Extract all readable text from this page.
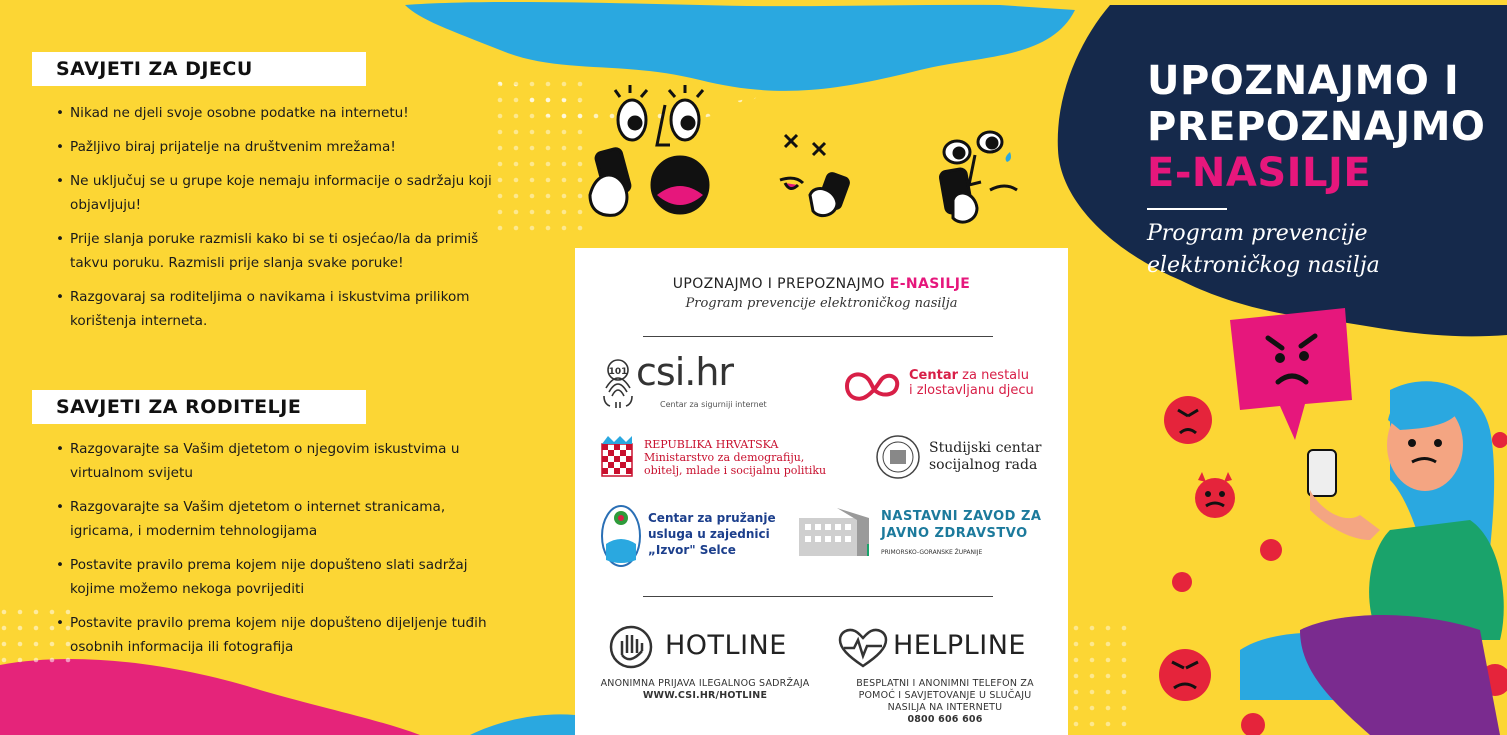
SAVJETI ZA DJECU
• Nikad ne djeli svoje osobne podatke na internetu!
• Pažljivo biraj prijatelje na društvenim mrežama!
• Ne uključuj se u grupe koje nemaju informacije o sadržaju koji objavljuju!
• Prije slanja poruke razmisli kako bi se ti osjećao/la da primiš takvu poruku. Razmisli prije slanja svake poruke!
• Razgovaraj sa roditeljima o navikama i iskustvima prilikom korištenja interneta.
SAVJETI ZA RODITELJE
• Razgovarajte sa Vašim djetetom o njegovim iskustvima u virtualnom svijetu
• Razgovarajte sa Vašim djetetom o internet stranicama, igricama, i modernim tehnologijama
• Postavite pravilo prema kojem nije dopušteno slati sadržaj kojime možemo nekoga povrijediti
• Postavite pravilo prema kojem nije dopušteno dijeljenje tuđih osobnih informacija ili fotografija
UPOZNAJMO I PREPOZNAJMO E-NASILJE
Program prevencije elektroničkog nasilja
101 csi.hr
Centar za sigurniji internet
Centar za nestalu
i zlostavljanu djecu
REPUBLIKA HRVATSKA
Ministarstvo za demografiju,
obitelj, mlade i socijalnu politiku
Studijski centar
socijalnog rada
Centar za pružanje
usluga u zajednici
„Izvor" Selce
NASTAVNI ZAVOD ZA
JAVNO ZDRAVSTVO
PRIMORSKO-GORANSKE ŽUPANIJE
HOTLINE
ANONIMNA PRIJAVA ILEGALNOG SADRŽAJA
WWW.CSI.HR/HOTLINE
HELPLINE
BESPLATNI I ANONIMNI TELEFON ZA
POMOĆ I SAVJETOVANJE U SLUČAJU
NASILJA NA INTERNETU
0800 606 606
UPOZNAJMO I
PREPOZNAJMO
E-NASILJE
Program prevencije
elektroničkog nasilja
